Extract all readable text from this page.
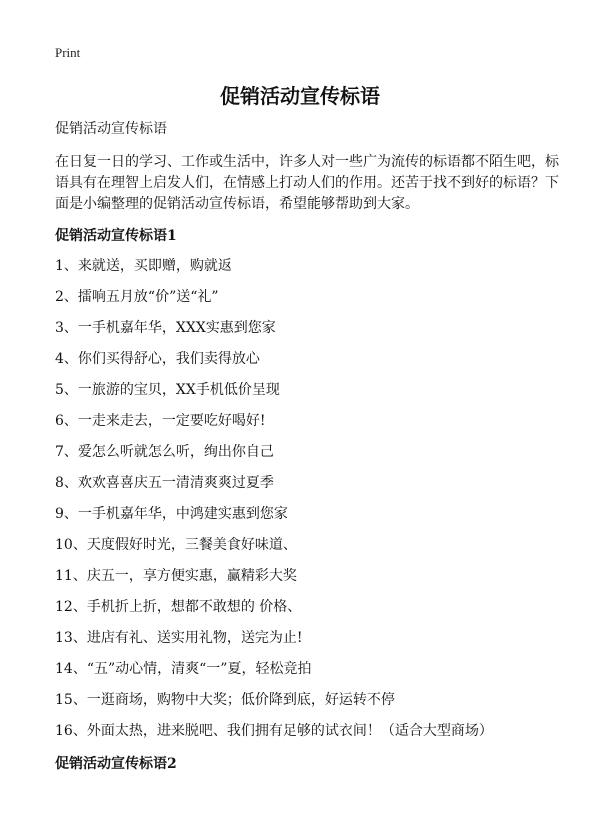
Print
促销活动宣传标语

促销活动宣传标语

在日复一日的学习、工作或生活中，许多人对一些广为流传的标语都不陌生吧，标语具有在理智上启发人们，在情感上打动人们的作用。还苦于找不到好的标语？下面是小编整理的促销活动宣传标语，希望能够帮助到大家。

促销活动宣传标语1

1、来就送，买即赠，购就返
2、擂响五月放“价”送“礼”
3、一手机嘉年华，XXX实惠到您家
4、你们买得舒心，我们卖得放心
5、一旅游的宝贝，XX手机低价呈现
6、一走来走去，一定要吃好喝好!
7、爱怎么听就怎么听，绚出你自己
8、欢欢喜喜庆五一清清爽爽过夏季
9、一手机嘉年华，中鸿建实惠到您家
10、天度假好时光，三餐美食好味道、
11、庆五一，享方便实惠，赢精彩大奖
12、手机折上折，想都不敢想的 价格、
13、进店有礼、送实用礼物，送完为止!
14、“五”动心情，清爽“一”夏，轻松竞拍
15、一逛商场，购物中大奖；低价降到底，好运转不停
16、外面太热，进来脱吧、我们拥有足够的试衣间！（适合大型商场）

促销活动宣传标语2
